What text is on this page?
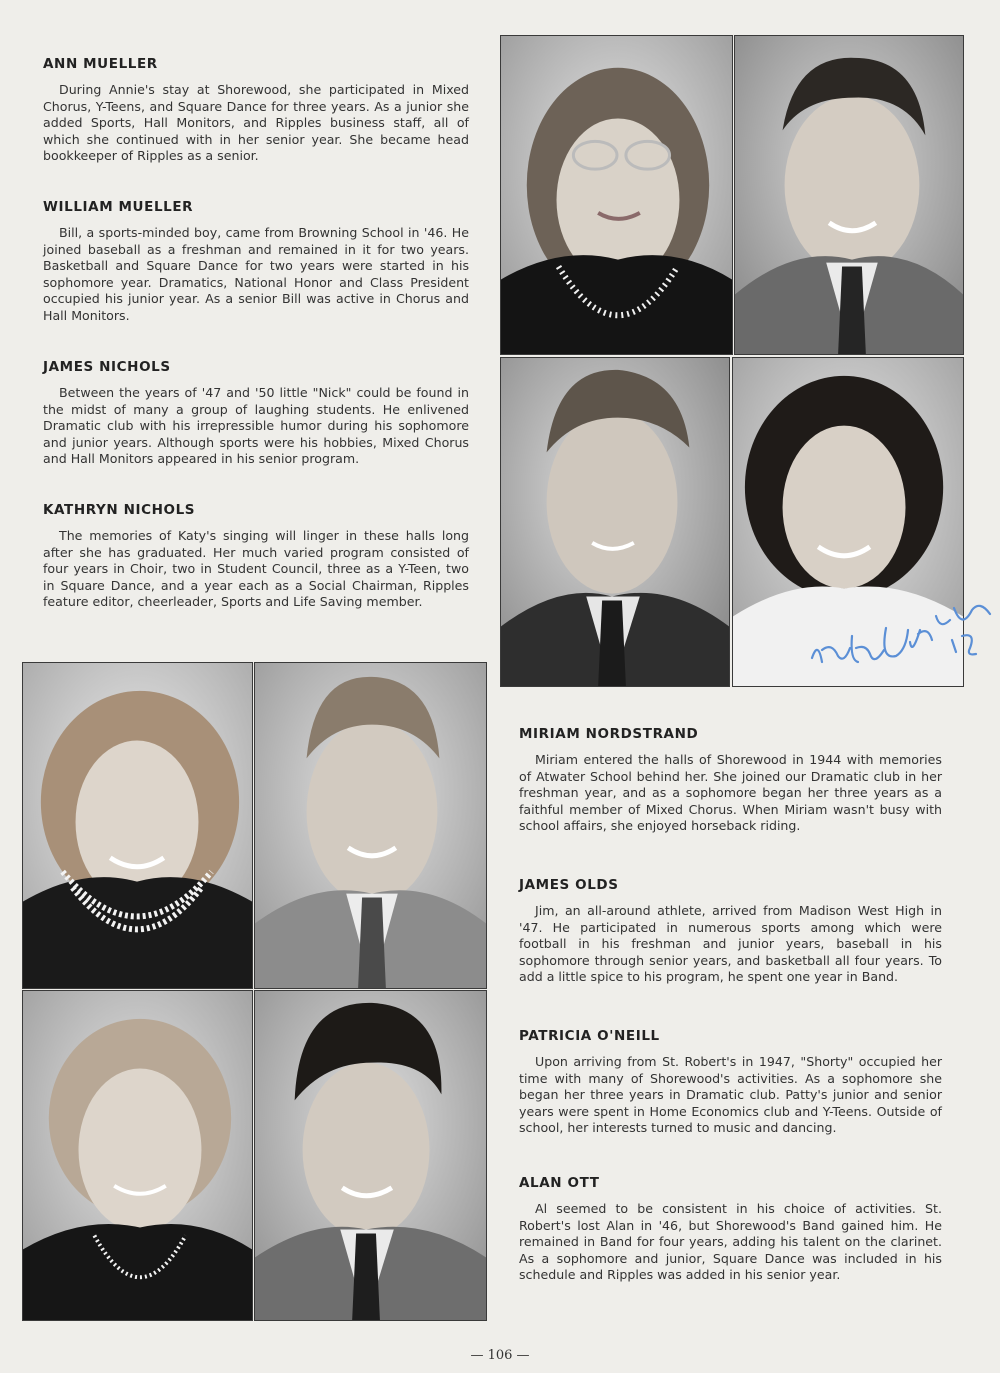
ANN MUELLER

During Annie's stay at Shorewood, she participated in Mixed Chorus, Y-Teens, and Square Dance for three years. As a junior she added Sports, Hall Monitors, and Ripples business staff, all of which she continued with in her senior year. She became head bookkeeper of Ripples as a senior.

WILLIAM MUELLER

Bill, a sports-minded boy, came from Browning School in '46. He joined baseball as a freshman and remained in it for two years. Basketball and Square Dance for two years were started in his sophomore year. Dramatics, National Honor and Class President occupied his junior year. As a senior Bill was active in Chorus and Hall Monitors.

JAMES NICHOLS

Between the years of '47 and '50 little "Nick" could be found in the midst of many a group of laughing students. He enlivened Dramatic club with his irrepressible humor during his sophomore and junior years. Although sports were his hobbies, Mixed Chorus and Hall Monitors appeared in his senior program.

KATHRYN NICHOLS

The memories of Katy's singing will linger in these halls long after she has graduated. Her much varied program consisted of four years in Choir, two in Student Council, three as a Y-Teen, two in Square Dance, and a year each as a Social Chairman, Ripples feature editor, cheerleader, Sports and Life Saving member.

MIRIAM NORDSTRAND

Miriam entered the halls of Shorewood in 1944 with memories of Atwater School behind her. She joined our Dramatic club in her freshman year, and as a sophomore began her three years as a faithful member of Mixed Chorus. When Miriam wasn't busy with school affairs, she enjoyed horseback riding.

JAMES OLDS

Jim, an all-around athlete, arrived from Madison West High in '47. He participated in numerous sports among which were football in his freshman and junior years, baseball in his sophomore through senior years, and basketball all four years. To add a little spice to his program, he spent one year in Band.

PATRICIA O'NEILL

Upon arriving from St. Robert's in 1947, "Shorty" occupied her time with many of Shorewood's activities. As a sophomore she began her three years in Dramatic club. Patty's junior and senior years were spent in Home Economics club and Y-Teens. Outside of school, her interests turned to music and dancing.

ALAN OTT

Al seemed to be consistent in his choice of activities. St. Robert's lost Alan in '46, but Shorewood's Band gained him. He remained in Band for four years, adding his talent on the clarinet. As a sophomore and junior, Square Dance was included in his schedule and Ripples was added in his senior year.

— 106 —
